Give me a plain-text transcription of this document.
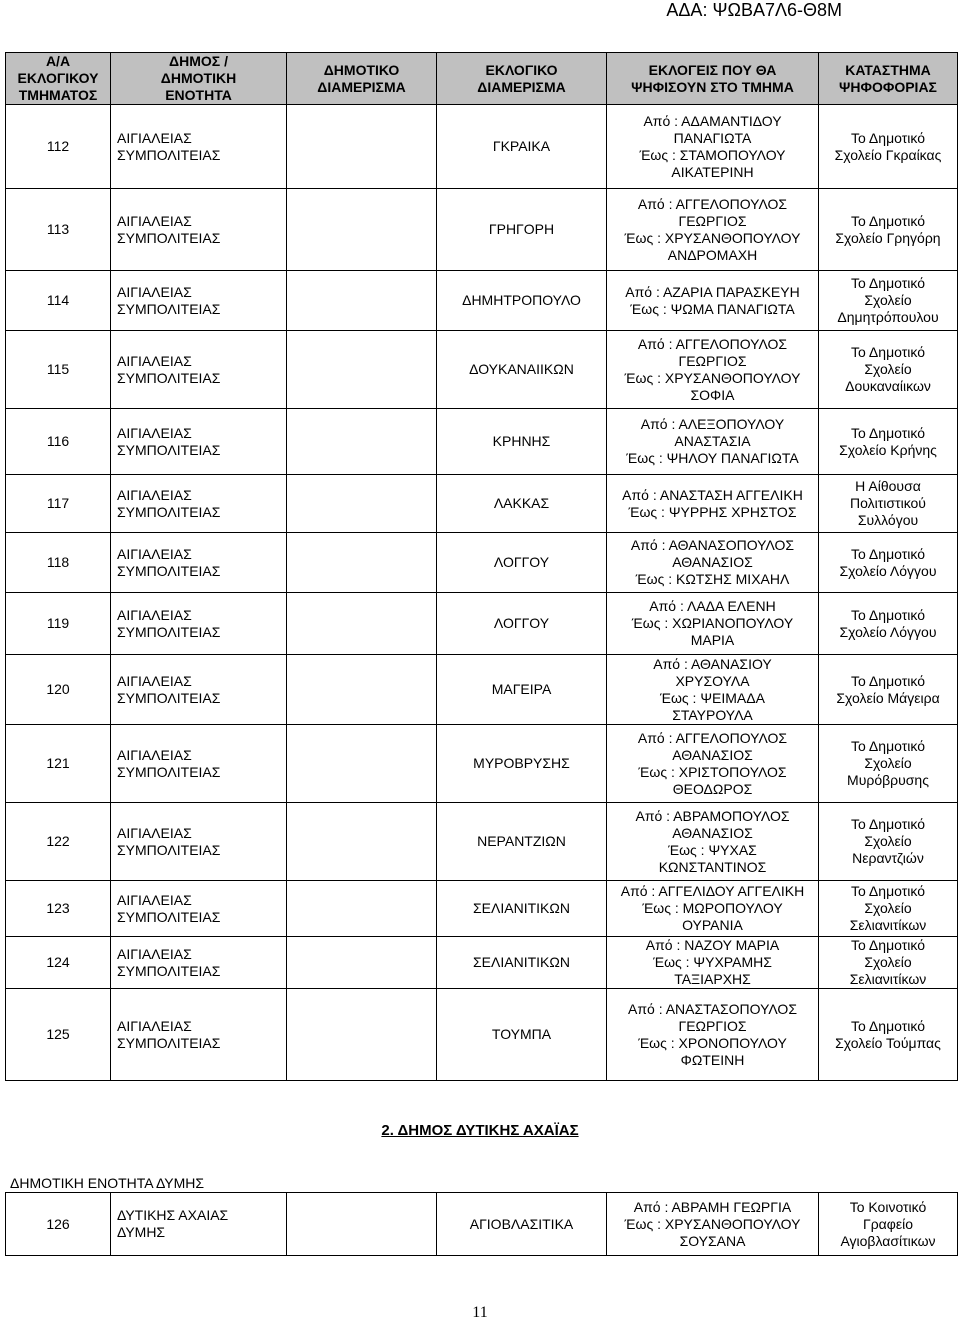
ΑΔΑ: ΨΩΒΑ7Λ6-Θ8Μ
Α/Α
ΕΚΛΟΓΙΚΟΥ
ΤΜΗΜΑΤΟΣ	ΔΗΜΟΣ /
ΔΗΜΟΤΙΚΗ
ΕΝΟΤΗΤΑ	ΔΗΜΟΤΙΚΟ
ΔΙΑΜΕΡΙΣΜΑ	ΕΚΛΟΓΙΚΟ
ΔΙΑΜΕΡΙΣΜΑ	ΕΚΛΟΓΕΙΣ ΠΟΥ ΘΑ
ΨΗΦΙΣΟΥΝ ΣΤΟ ΤΜΗΜΑ	ΚΑΤΑΣΤΗΜΑ
ΨΗΦΟΦΟΡΙΑΣ
112	ΑΙΓΙΑΛΕΙΑΣ
ΣΥΜΠΟΛΙΤΕΙΑΣ		ΓΚΡΑΙΚΑ	Από : ΑΔΑΜΑΝΤΙΔΟΥ
ΠΑΝΑΓΙΩΤΑ
Έως : ΣΤΑΜΟΠΟΥΛΟΥ
ΑΙΚΑΤΕΡΙΝΗ	Το Δημοτικό
Σχολείο Γκραίκας
113	ΑΙΓΙΑΛΕΙΑΣ
ΣΥΜΠΟΛΙΤΕΙΑΣ		ΓΡΗΓΟΡΗ	Από : ΑΓΓΕΛΟΠΟΥΛΟΣ
ΓΕΩΡΓΙΟΣ
Έως : ΧΡΥΣΑΝΘΟΠΟΥΛΟΥ
ΑΝΔΡΟΜΑΧΗ	Το Δημοτικό
Σχολείο Γρηγόρη
114	ΑΙΓΙΑΛΕΙΑΣ
ΣΥΜΠΟΛΙΤΕΙΑΣ		ΔΗΜΗΤΡΟΠΟΥΛΟ	Από : ΑΖΑΡΙΑ ΠΑΡΑΣΚΕΥΗ
Έως : ΨΩΜΑ ΠΑΝΑΓΙΩΤΑ	Το Δημοτικό
Σχολείο
Δημητρόπουλου
115	ΑΙΓΙΑΛΕΙΑΣ
ΣΥΜΠΟΛΙΤΕΙΑΣ		ΔΟΥΚΑΝΑΙΙΚΩΝ	Από : ΑΓΓΕΛΟΠΟΥΛΟΣ
ΓΕΩΡΓΙΟΣ
Έως : ΧΡΥΣΑΝΘΟΠΟΥΛΟΥ
ΣΟΦΙΑ	Το Δημοτικό
Σχολείο
Δουκαναίικων
116	ΑΙΓΙΑΛΕΙΑΣ
ΣΥΜΠΟΛΙΤΕΙΑΣ		ΚΡΗΝΗΣ	Από : ΑΛΕΞΟΠΟΥΛΟΥ
ΑΝΑΣΤΑΣΙΑ
Έως : ΨΗΛΟΥ ΠΑΝΑΓΙΩΤΑ	Το Δημοτικό
Σχολείο Κρήνης
117	ΑΙΓΙΑΛΕΙΑΣ
ΣΥΜΠΟΛΙΤΕΙΑΣ		ΛΑΚΚΑΣ	Από : ΑΝΑΣΤΑΣΗ ΑΓΓΕΛΙΚΗ
Έως : ΨΥΡΡΗΣ ΧΡΗΣΤΟΣ	Η Αίθουσα
Πολιτιστικού
Συλλόγου
118	ΑΙΓΙΑΛΕΙΑΣ
ΣΥΜΠΟΛΙΤΕΙΑΣ		ΛΟΓΓΟΥ	Από : ΑΘΑΝΑΣΟΠΟΥΛΟΣ
ΑΘΑΝΑΣΙΟΣ
Έως : ΚΩΤΣΗΣ ΜΙΧΑΗΛ	Το Δημοτικό
Σχολείο Λόγγου
119	ΑΙΓΙΑΛΕΙΑΣ
ΣΥΜΠΟΛΙΤΕΙΑΣ		ΛΟΓΓΟΥ	Από : ΛΑΔΑ ΕΛΕΝΗ
Έως : ΧΩΡΙΑΝΟΠΟΥΛΟΥ
ΜΑΡΙΑ	Το Δημοτικό
Σχολείο Λόγγου
120	ΑΙΓΙΑΛΕΙΑΣ
ΣΥΜΠΟΛΙΤΕΙΑΣ		ΜΑΓΕΙΡΑ	Από : ΑΘΑΝΑΣΙΟΥ
ΧΡΥΣΟΥΛΑ
Έως : ΨΕΙΜΑΔΑ
ΣΤΑΥΡΟΥΛΑ	Το Δημοτικό
Σχολείο Μάγειρα
121	ΑΙΓΙΑΛΕΙΑΣ
ΣΥΜΠΟΛΙΤΕΙΑΣ		ΜΥΡΟΒΡΥΣΗΣ	Από : ΑΓΓΕΛΟΠΟΥΛΟΣ
ΑΘΑΝΑΣΙΟΣ
Έως : ΧΡΙΣΤΟΠΟΥΛΟΣ
ΘΕΟΔΩΡΟΣ	Το Δημοτικό
Σχολείο
Μυρόβρυσης
122	ΑΙΓΙΑΛΕΙΑΣ
ΣΥΜΠΟΛΙΤΕΙΑΣ		ΝΕΡΑΝΤΖΙΩΝ	Από : ΑΒΡΑΜΟΠΟΥΛΟΣ
ΑΘΑΝΑΣΙΟΣ
Έως : ΨΥΧΑΣ
ΚΩΝΣΤΑΝΤΙΝΟΣ	Το Δημοτικό
Σχολείο
Νεραντζιών
123	ΑΙΓΙΑΛΕΙΑΣ
ΣΥΜΠΟΛΙΤΕΙΑΣ		ΣΕΛΙΑΝΙΤΙΚΩΝ	Από : ΑΓΓΕΛΙΔΟΥ ΑΓΓΕΛΙΚΗ
Έως : ΜΩΡΟΠΟΥΛΟΥ
ΟΥΡΑΝΙΑ	Το Δημοτικό
Σχολείο
Σελιανιτίκων
124	ΑΙΓΙΑΛΕΙΑΣ
ΣΥΜΠΟΛΙΤΕΙΑΣ		ΣΕΛΙΑΝΙΤΙΚΩΝ	Από : ΝΑΖΟΥ ΜΑΡΙΑ
Έως : ΨΥΧΡΑΜΗΣ
ΤΑΞΙΑΡΧΗΣ	Το Δημοτικό
Σχολείο
Σελιανιτίκων
125	ΑΙΓΙΑΛΕΙΑΣ
ΣΥΜΠΟΛΙΤΕΙΑΣ		ΤΟΥΜΠΑ	Από : ΑΝΑΣΤΑΣΟΠΟΥΛΟΣ
ΓΕΩΡΓΙΟΣ
Έως : ΧΡΟΝΟΠΟΥΛΟΥ
ΦΩΤΕΙΝΗ	Το Δημοτικό
Σχολείο Τούμπας
2. ΔΗΜΟΣ ΔΥΤΙΚΗΣ ΑΧΑΪΑΣ
ΔΗΜΟΤΙΚΗ ΕΝΟΤΗΤΑ ΔΥΜΗΣ
126	ΔΥΤΙΚΗΣ ΑΧΑΙΑΣ
ΔΥΜΗΣ		ΑΓΙΟΒΛΑΣΙΤΙΚΑ	Από : ΑΒΡΑΜΗ ΓΕΩΡΓΙΑ
Έως : ΧΡΥΣΑΝΘΟΠΟΥΛΟΥ
ΣΟΥΣΑΝΑ	Το Κοινοτικό
Γραφείο
Αγιοβλασίτικων
11
